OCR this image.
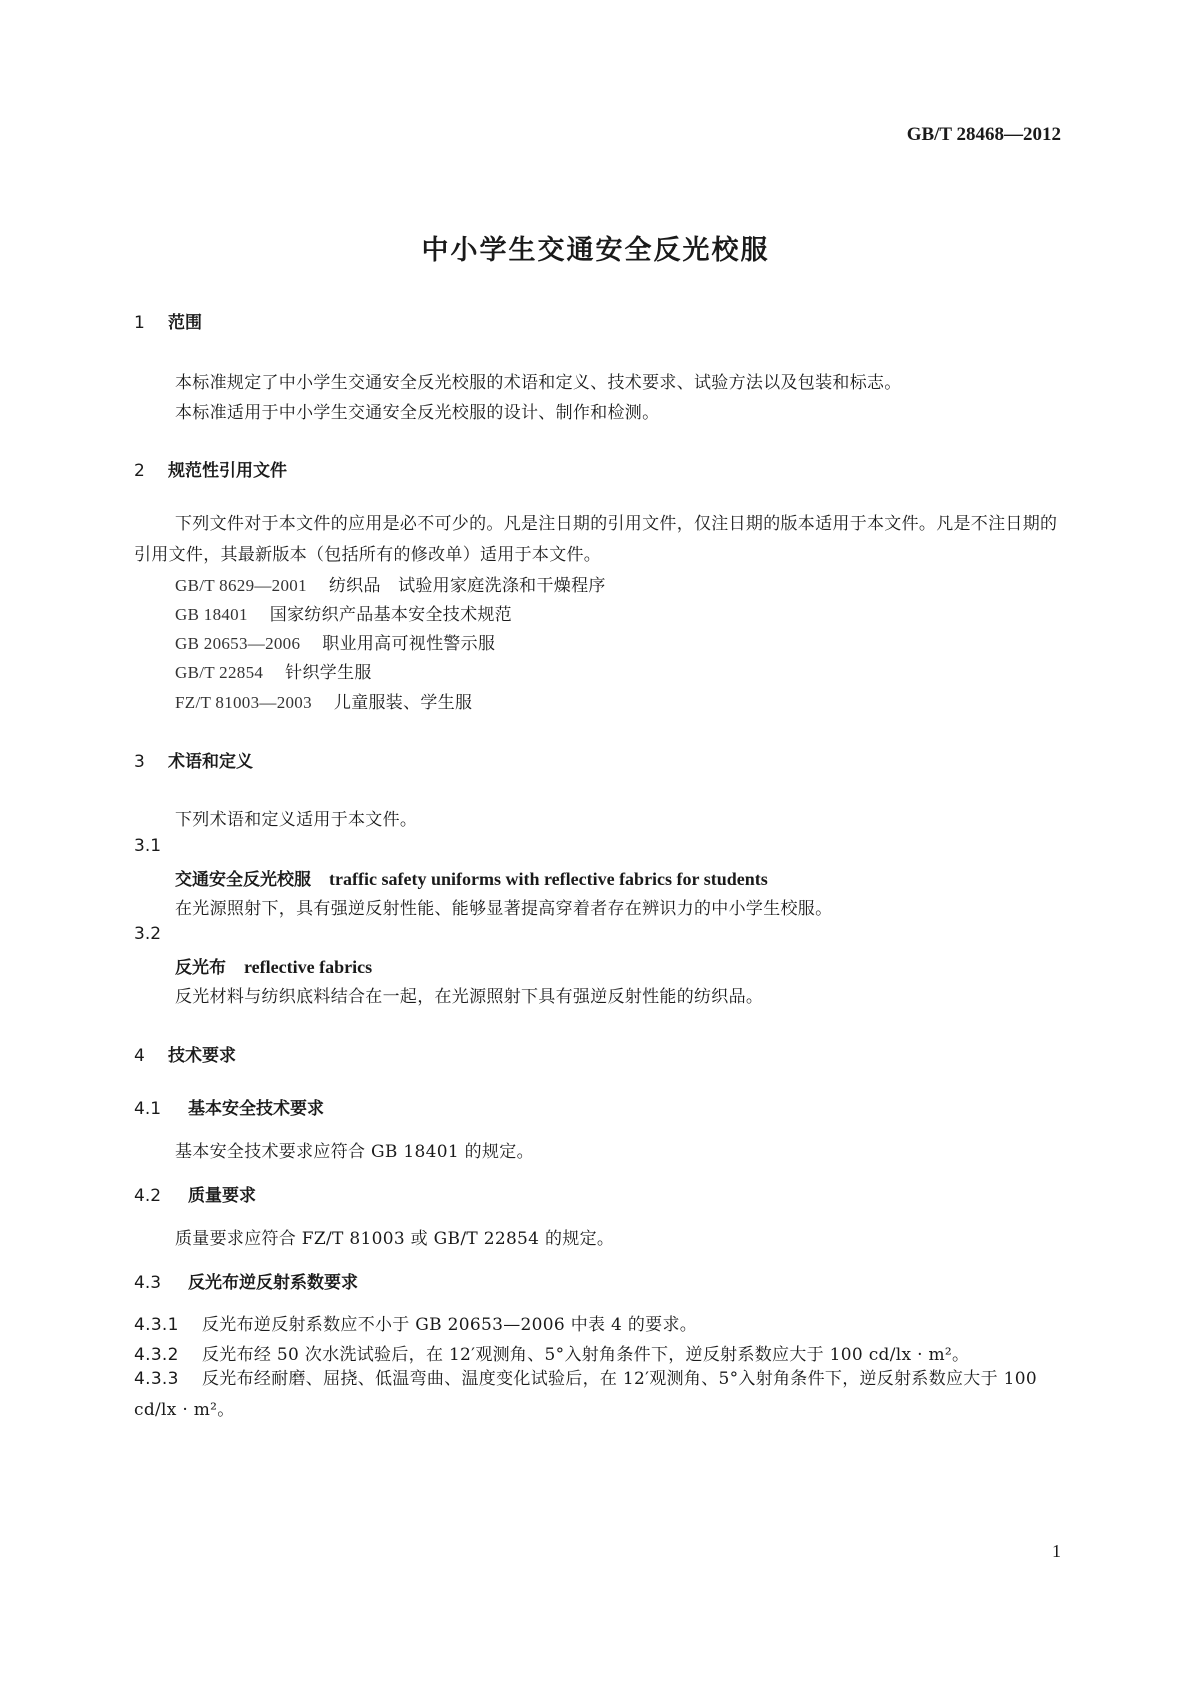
GB/T 28468—2012
中小学生交通安全反光校服
1 范围
本标准规定了中小学生交通安全反光校服的术语和定义、技术要求、试验方法以及包装和标志。
本标准适用于中小学生交通安全反光校服的设计、制作和检测。
2 规范性引用文件
下列文件对于本文件的应用是必不可少的。凡是注日期的引用文件，仅注日期的版本适用于本文件。凡是不注日期的引用文件，其最新版本（包括所有的修改单）适用于本文件。
GB/T 8629—2001 纺织品　试验用家庭洗涤和干燥程序
GB 18401 国家纺织产品基本安全技术规范
GB 20653—2006 职业用高可视性警示服
GB/T 22854 针织学生服
FZ/T 81003—2003 儿童服装、学生服
3 术语和定义
下列术语和定义适用于本文件。
3.1
交通安全反光校服 traffic safety uniforms with reflective fabrics for students
在光源照射下，具有强逆反射性能、能够显著提高穿着者存在辨识力的中小学生校服。
3.2
反光布 reflective fabrics
反光材料与纺织底料结合在一起，在光源照射下具有强逆反射性能的纺织品。
4 技术要求
4.1 基本安全技术要求
基本安全技术要求应符合 GB 18401 的规定。
4.2 质量要求
质量要求应符合 FZ/T 81003 或 GB/T 22854 的规定。
4.3 反光布逆反射系数要求
4.3.1 反光布逆反射系数应不小于 GB 20653—2006 中表 4 的要求。
4.3.2 反光布经 50 次水洗试验后，在 12′观测角、5°入射角条件下，逆反射系数应大于 100 cd/lx · m²。
4.3.3 反光布经耐磨、屈挠、低温弯曲、温度变化试验后，在 12′观测角、5°入射角条件下，逆反射系数应大于 100 cd/lx · m²。
1
